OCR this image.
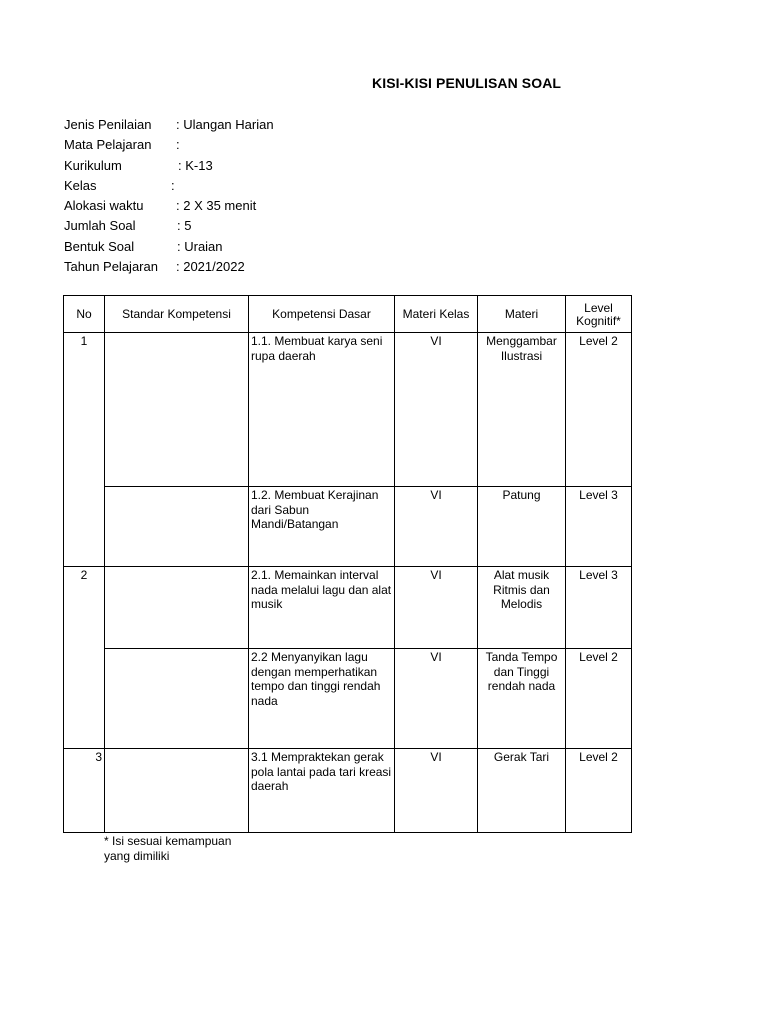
KISI-KISI PENULISAN SOAL
Jenis Penilaian : Ulangan Harian
Mata Pelajaran :
Kurikulum	: K-13
Kelas	:
Alokasi waktu	: 2 X 35 menit
Jumlah Soal	: 5
Bentuk Soal	: Uraian
Tahun Pelajaran : 2021/2022
No	Standar Kompetensi	Kompetensi Dasar	Materi Kelas	Materi	Level Kognitif*
1		1.1. Membuat karya seni rupa daerah	VI	Menggambar Ilustrasi	Level 2
		1.2. Membuat Kerajinan dari Sabun Mandi/Batangan	VI	Patung	Level 3
2		2.1. Memainkan interval nada melalui lagu dan alat musik	VI	Alat musik Ritmis dan Melodis	Level 3
		2.2 Menyanyikan lagu dengan memperhatikan tempo dan tinggi rendah nada	VI	Tanda Tempo dan Tinggi rendah nada	Level 2
3		3.1 Mempraktekan gerak pola lantai pada tari kreasi daerah	VI	Gerak Tari	Level 2
* Isi sesuai kemampuan yang dimiliki
